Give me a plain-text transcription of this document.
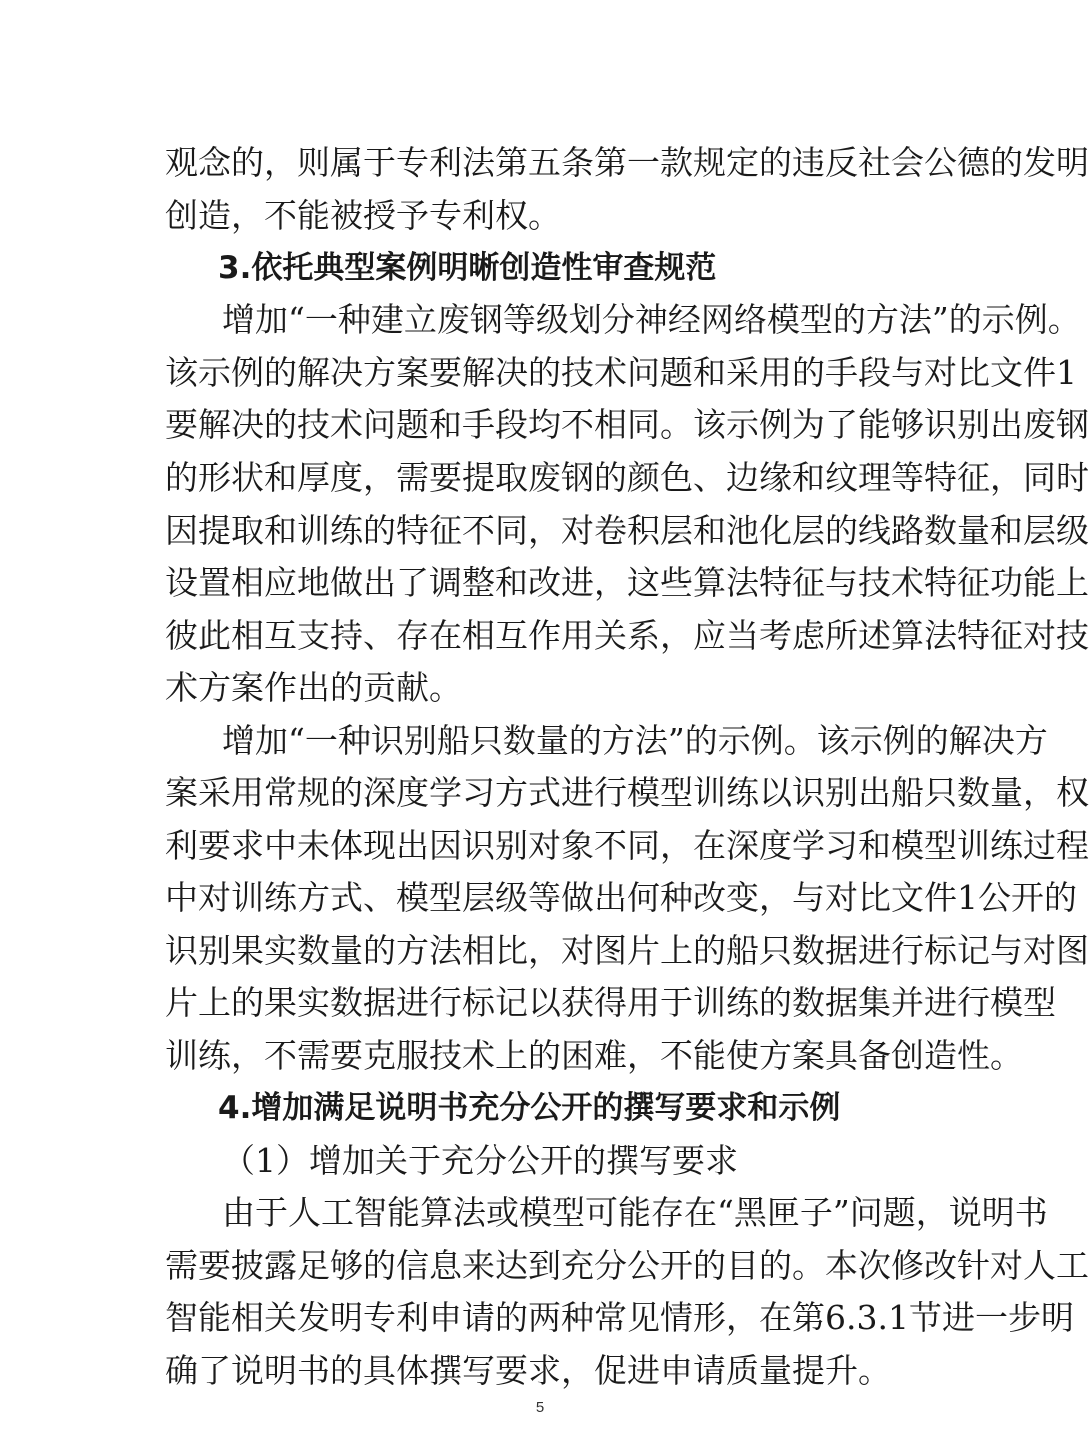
观念的，则属于专利法第五条第一款规定的违反社会公德的发明
创造，不能被授予专利权。
3.依托典型案例明晰创造性审查规范
增加“一种建立废钢等级划分神经网络模型的方法”的示例。
该示例的解决方案要解决的技术问题和采用的手段与对比文件1
要解决的技术问题和手段均不相同。该示例为了能够识别出废钢
的形状和厚度，需要提取废钢的颜色、边缘和纹理等特征，同时
因提取和训练的特征不同，对卷积层和池化层的线路数量和层级
设置相应地做出了调整和改进，这些算法特征与技术特征功能上
彼此相互支持、存在相互作用关系，应当考虑所述算法特征对技
术方案作出的贡献。
增加“一种识别船只数量的方法”的示例。该示例的解决方
案采用常规的深度学习方式进行模型训练以识别出船只数量，权
利要求中未体现出因识别对象不同，在深度学习和模型训练过程
中对训练方式、模型层级等做出何种改变，与对比文件1公开的
识别果实数量的方法相比，对图片上的船只数据进行标记与对图
片上的果实数据进行标记以获得用于训练的数据集并进行模型
训练，不需要克服技术上的困难，不能使方案具备创造性。
4.增加满足说明书充分公开的撰写要求和示例
（1）增加关于充分公开的撰写要求
由于人工智能算法或模型可能存在“黑匣子”问题，说明书
需要披露足够的信息来达到充分公开的目的。本次修改针对人工
智能相关发明专利申请的两种常见情形，在第6.3.1节进一步明
确了说明书的具体撰写要求，促进申请质量提升。
5
